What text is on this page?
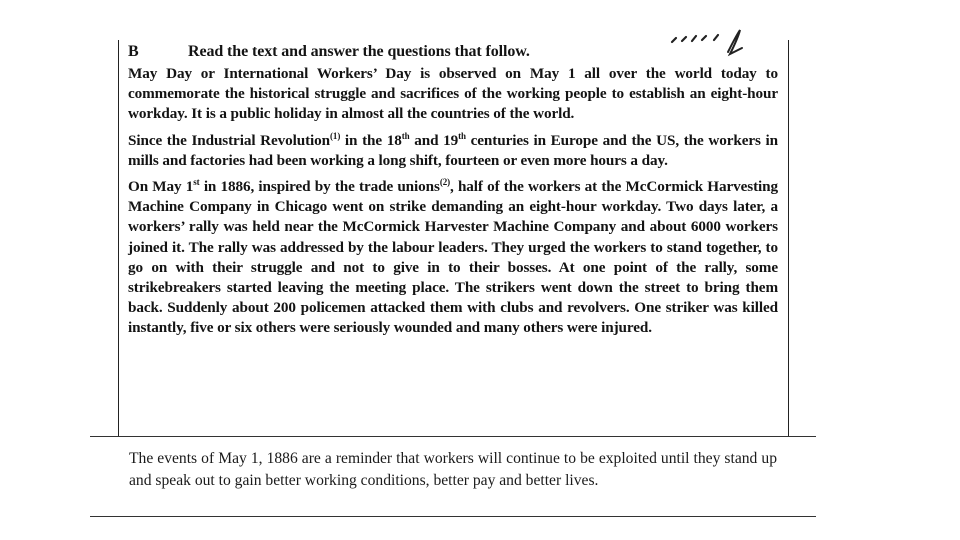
B	Read the text and answer the questions that follow.

May Day or International Workers’ Day is observed on May 1 all over the world today to commemorate the historical struggle and sacrifices of the working people to establish an eight-hour workday. It is a public holiday in almost all the countries of the world.

Since the Industrial Revolution$^{(1)}$ in the 18th and 19th centuries in Europe and the US, the workers in mills and factories had been working a long shift, fourteen or even more hours a day.

On May 1st in 1886, inspired by the trade unions$^{(2)}$, half of the workers at the McCormick Harvesting Machine Company in Chicago went on strike demanding an eight-hour workday. Two days later, a workers’ rally was held near the McCormick Harvester Machine Company and about 6000 workers joined it. The rally was addressed by the labour leaders. They urged the workers to stand together, to go on with their struggle and not to give in to their bosses. At one point of the rally, some strikebreakers started leaving the meeting place. The strikers went down the street to bring them back. Suddenly about 200 policemen attacked them with clubs and revolvers. One striker was killed instantly, five or six others were seriously wounded and many others were injured.

The events of May 1, 1886 are a reminder that workers will continue to be exploited until they stand up and speak out to gain better working conditions, better pay and better lives.
